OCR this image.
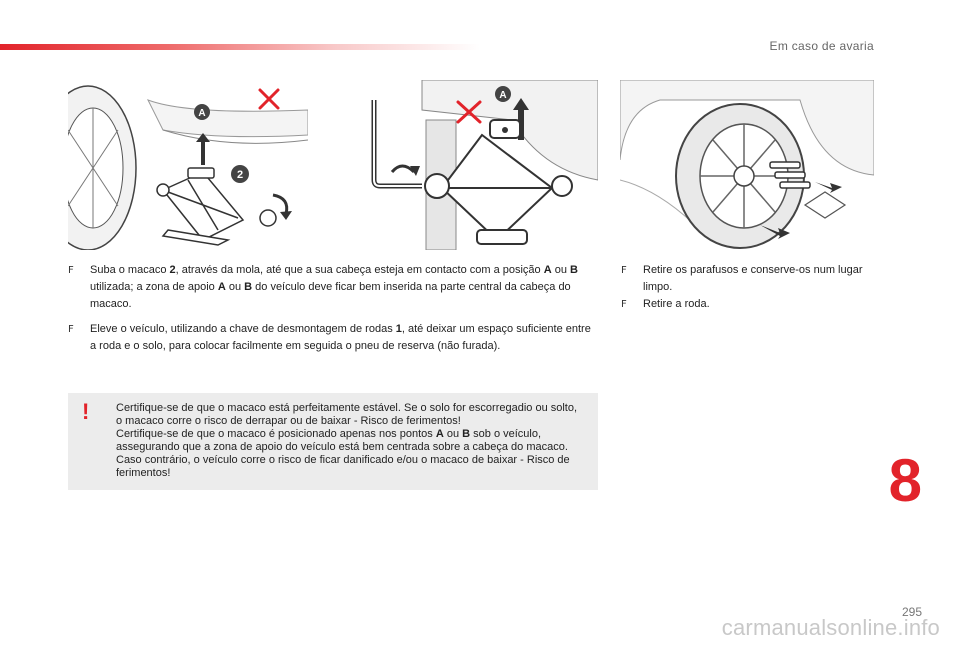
Em caso de avaria
A
2
A
F Suba o macaco 2, através da mola, até que a sua cabeça esteja em contacto com a posição A ou B utilizada; a zona de apoio A ou B do veículo deve ficar bem inserida na parte central da cabeça do macaco.
F Eleve o veículo, utilizando a chave de desmontagem de rodas 1, até deixar um espaço suficiente entre a roda e o solo, para colocar facilmente em seguida o pneu de reserva (não furada).
F Retire os parafusos e conserve-os num lugar limpo.
F Retire a roda.
! Certifique-se de que o macaco está perfeitamente estável. Se o solo for escorregadio ou solto, o macaco corre o risco de derrapar ou de baixar - Risco de ferimentos!

Certifique-se de que o macaco é posicionado apenas nos pontos A ou B sob o veículo, assegurando que a zona de apoio do veículo está bem centrada sobre a cabeça do macaco. Caso contrário, o veículo corre o risco de ficar danificado e/ou o macaco de baixar - Risco de ferimentos!	8
295
carmanualsonline.info
